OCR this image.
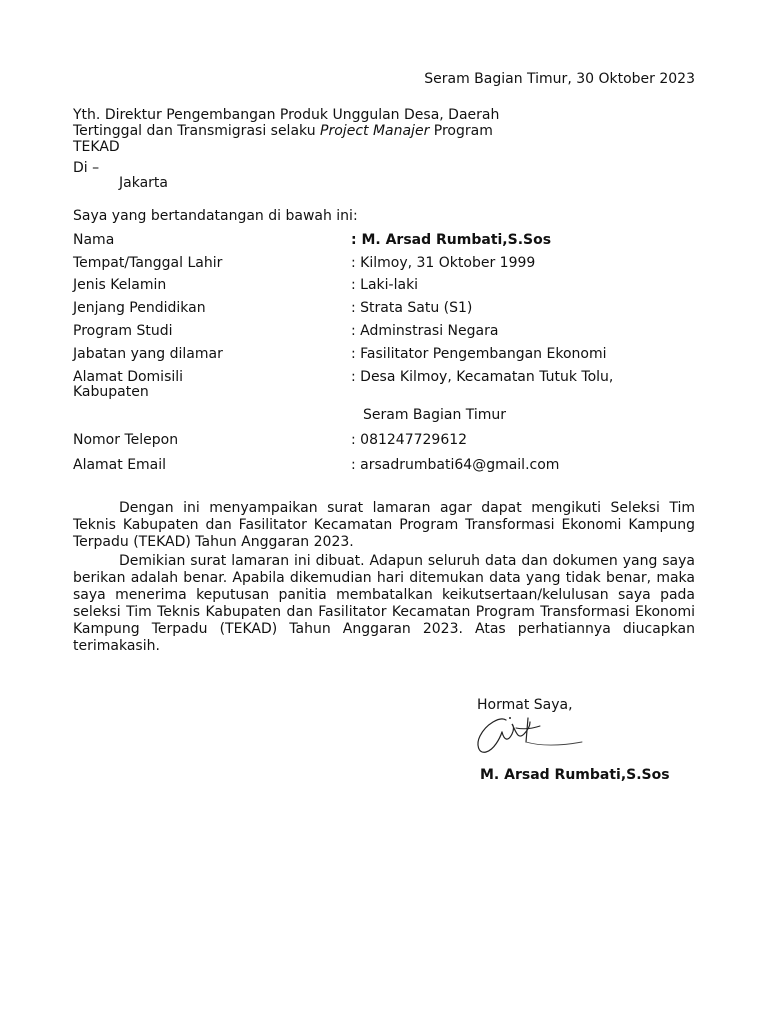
Seram Bagian Timur, 30 Oktober 2023
Yth. Direktur Pengembangan Produk Unggulan Desa, Daerah Tertinggal dan Transmigrasi selaku Project Manajer Program TEKAD
Di –
Jakarta
Saya yang bertandatangan di bawah ini:
Nama	: M. Arsad Rumbati,S.Sos
Tempat/Tanggal Lahir	: Kilmoy, 31 Oktober 1999
Jenis Kelamin	: Laki-laki
Jenjang Pendidikan	: Strata Satu (S1)
Program Studi	: Adminstrasi Negara
Jabatan yang dilamar	: Fasilitator Pengembangan Ekonomi
Alamat Domisili	: Desa Kilmoy, Kecamatan Tutuk Tolu,
Kabupaten
Seram Bagian Timur
Nomor Telepon	: 081247729612
Alamat Email	: arsadrumbati64@gmail.com
Dengan ini menyampaikan surat lamaran agar dapat mengikuti Seleksi Tim Teknis Kabupaten dan Fasilitator Kecamatan Program Transformasi Ekonomi Kampung Terpadu (TEKAD) Tahun Anggaran 2023.
Demikian surat lamaran ini dibuat. Adapun seluruh data dan dokumen yang saya berikan adalah benar. Apabila dikemudian hari ditemukan data yang tidak benar, maka saya menerima keputusan panitia membatalkan keikutsertaan/kelulusan saya pada seleksi Tim Teknis Kabupaten dan Fasilitator Kecamatan Program Transformasi Ekonomi Kampung Terpadu (TEKAD) Tahun Anggaran 2023. Atas perhatiannya diucapkan terimakasih.
Hormat Saya,
M. Arsad Rumbati,S.Sos
